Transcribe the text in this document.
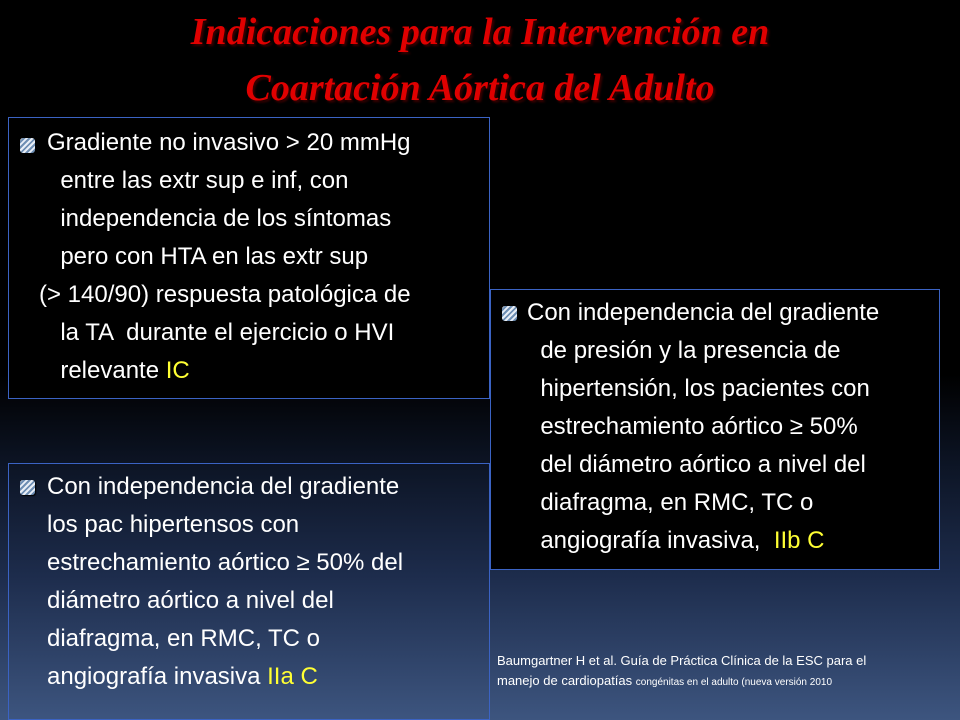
Indicaciones para la Intervención en
Coartación Aórtica del Adulto

Gradiente no invasivo > 20 mmHg
entre las extr sup e inf, con
independencia de los síntomas
pero con HTA en las extr sup
(> 140/90) respuesta patológica de
la TA  durante el ejercicio o HVI
relevante IC

Con independencia del gradiente
de presión y la presencia de
hipertensión, los pacientes con
estrechamiento aórtico ≥ 50%
del diámetro aórtico a nivel del
diafragma, en RMC, TC o
angiografía invasiva,  IIb C

Con independencia del gradiente
los pac hipertensos con
estrechamiento aórtico ≥ 50% del
diámetro aórtico a nivel del
diafragma, en RMC, TC o
angiografía invasiva IIa C

Baumgartner H et al. Guía de Práctica Clínica de la ESC para el
manejo de cardiopatías congénitas en el adulto (nueva versión 2010
